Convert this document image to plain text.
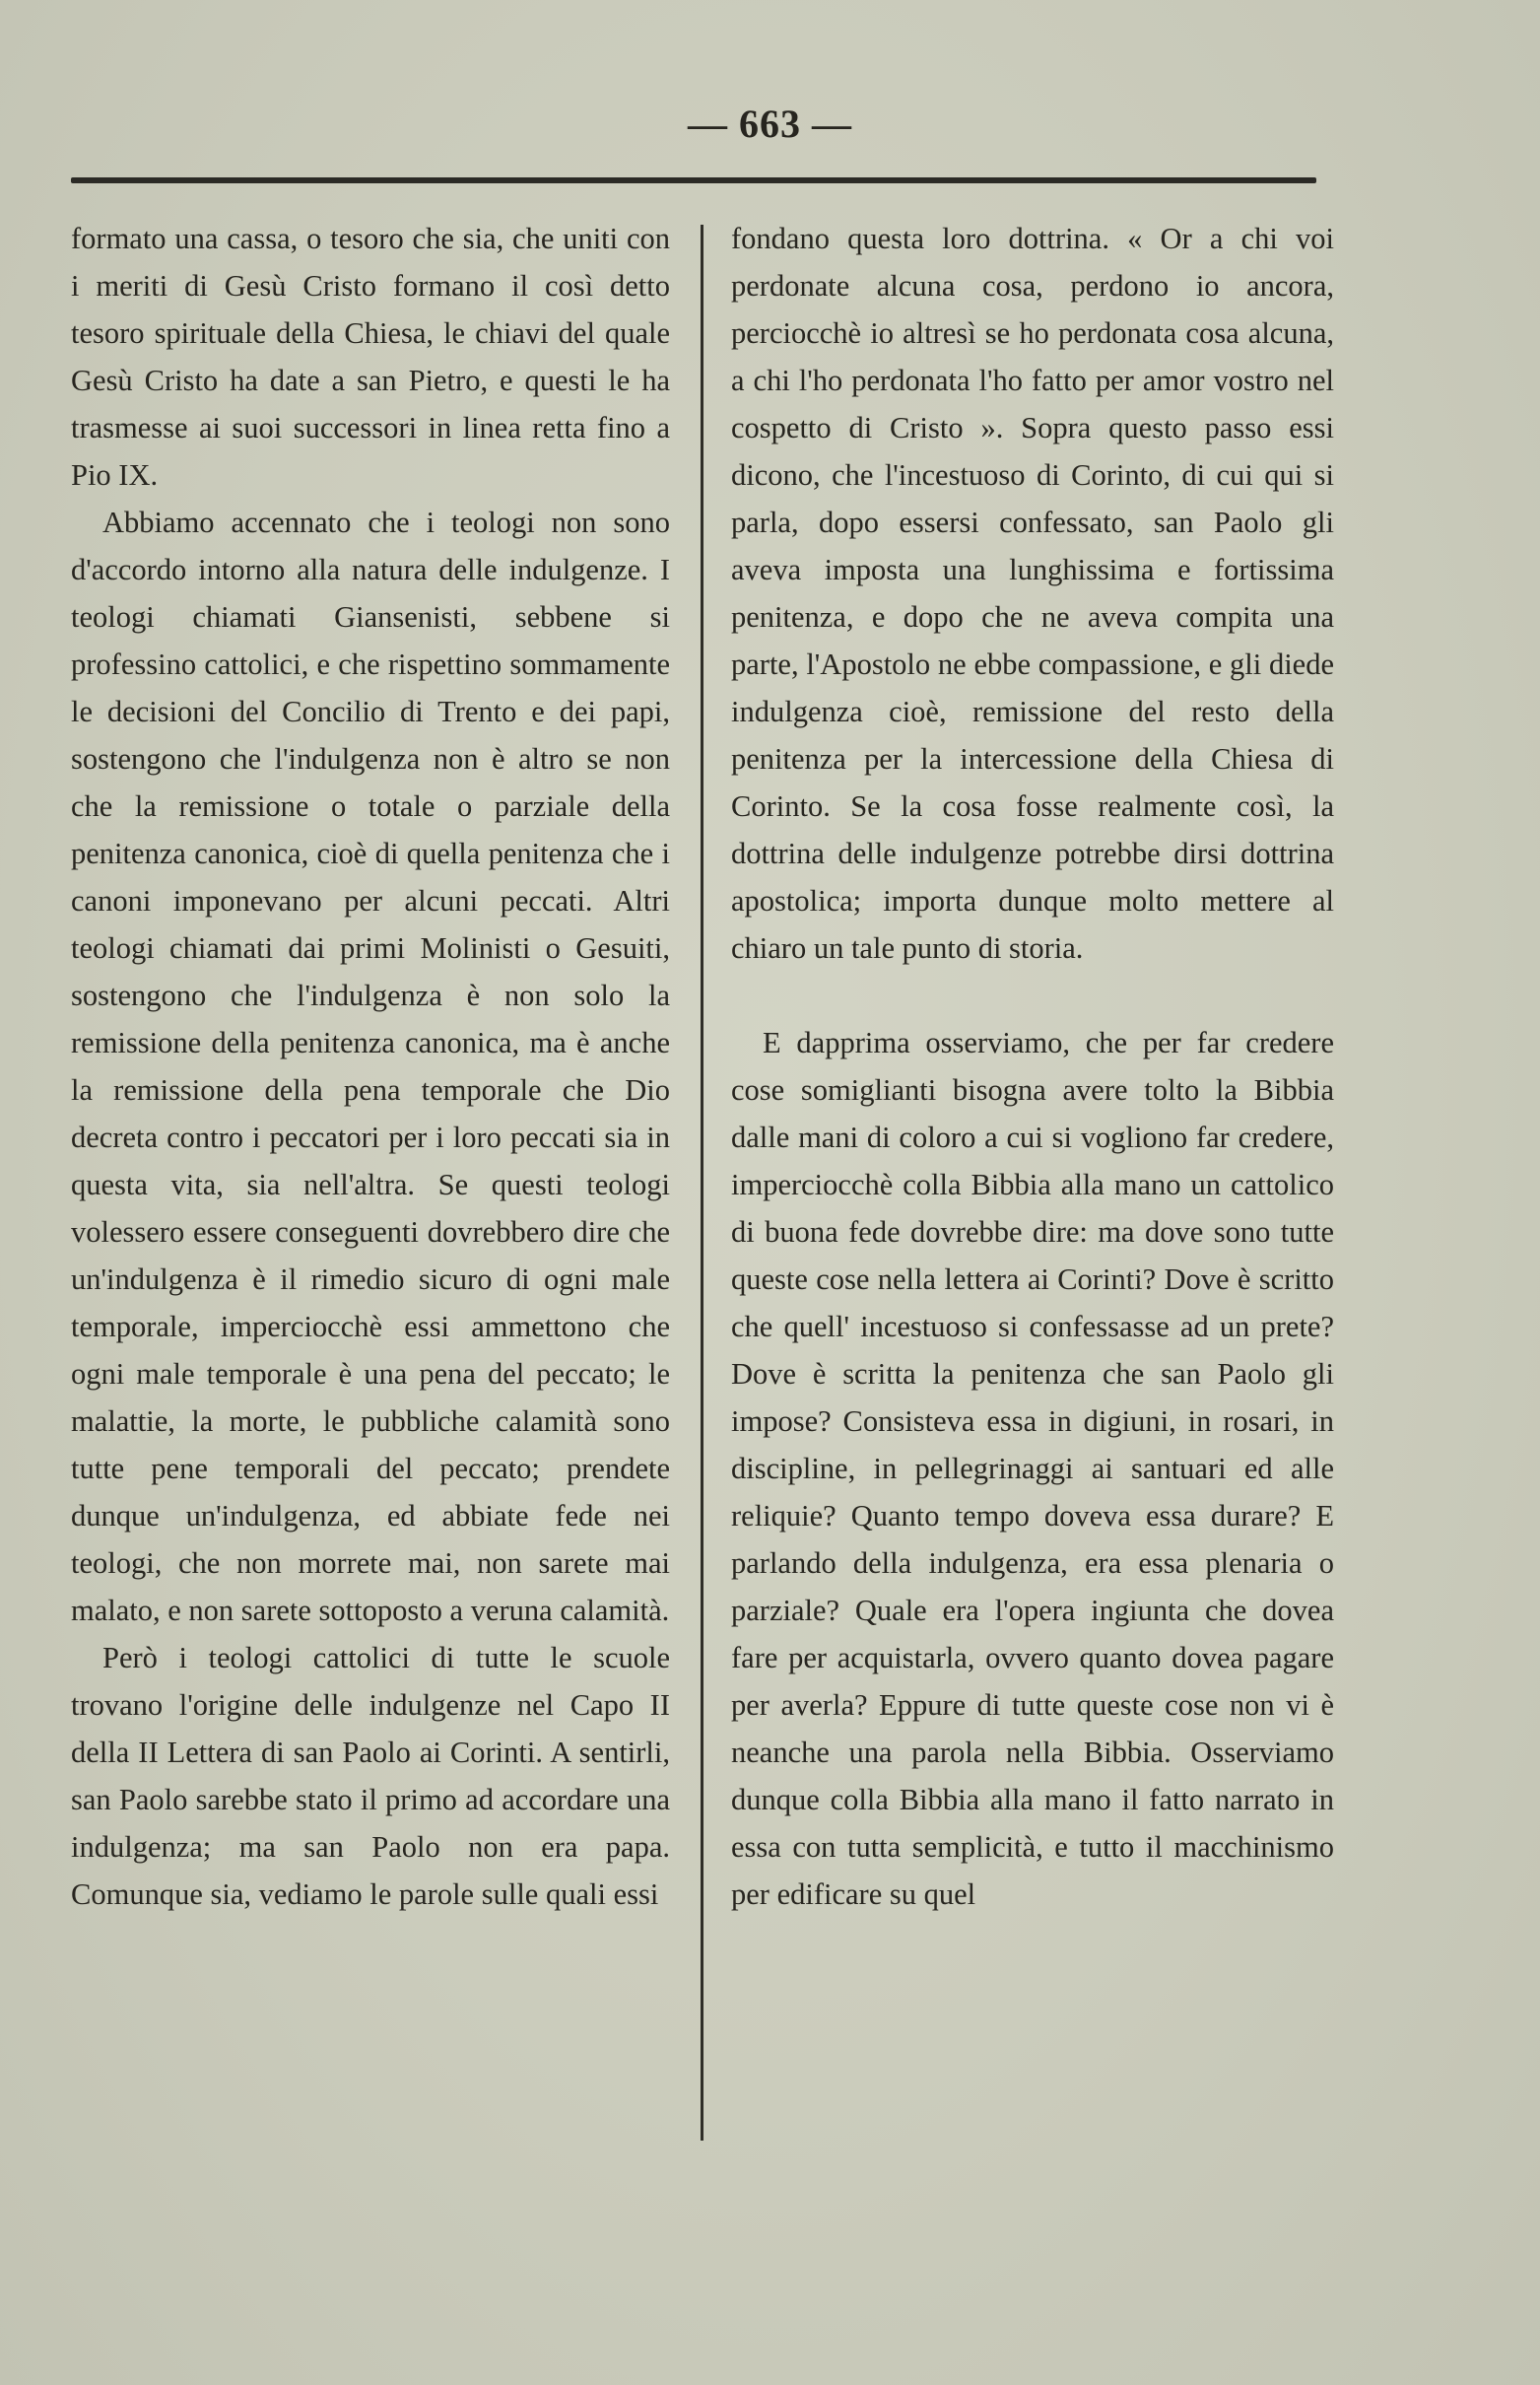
— 663 —

formato una cassa, o tesoro che sia, che uniti con i meriti di Gesù Cristo formano il così detto tesoro spirituale della Chiesa, le chiavi del quale Gesù Cristo ha date a san Pietro, e questi le ha trasmesse ai suoi successori in linea retta fino a Pio IX.

Abbiamo accennato che i teologi non sono d'accordo intorno alla natura delle indulgenze. I teologi chiamati Giansenisti, sebbene si professino cattolici, e che rispettino sommamente le decisioni del Concilio di Trento e dei papi, sostengono che l'indulgenza non è altro se non che la remissione o totale o parziale della penitenza canonica, cioè di quella penitenza che i canoni imponevano per alcuni peccati. Altri teologi chiamati dai primi Molinisti o Gesuiti, sostengono che l'indulgenza è non solo la remissione della penitenza canonica, ma è anche la remissione della pena temporale che Dio decreta contro i peccatori per i loro peccati sia in questa vita, sia nell'altra. Se questi teologi volessero essere conseguenti dovrebbero dire che un'indulgenza è il rimedio sicuro di ogni male temporale, imperciocchè essi ammettono che ogni male temporale è una pena del peccato; le malattie, la morte, le pubbliche calamità sono tutte pene temporali del peccato; prendete dunque un'indulgenza, ed abbiate fede nei teologi, che non morrete mai, non sarete mai malato, e non sarete sottoposto a veruna calamità.

Però i teologi cattolici di tutte le scuole trovano l'origine delle indulgenze nel Capo II della II Lettera di san Paolo ai Corinti. A sentirli, san Paolo sarebbe stato il primo ad accordare una indulgenza; ma san Paolo non era papa. Comunque sia, vediamo le parole sulle quali essi

fondano questa loro dottrina. « Or a chi voi perdonate alcuna cosa, perdono io ancora, perciocchè io altresì se ho perdonata cosa alcuna, a chi l'ho perdonata l'ho fatto per amor vostro nel cospetto di Cristo ». Sopra questo passo essi dicono, che l'incestuoso di Corinto, di cui qui si parla, dopo essersi confessato, san Paolo gli aveva imposta una lunghissima e fortissima penitenza, e dopo che ne aveva compita una parte, l'Apostolo ne ebbe compassione, e gli diede indulgenza cioè, remissione del resto della penitenza per la intercessione della Chiesa di Corinto. Se la cosa fosse realmente così, la dottrina delle indulgenze potrebbe dirsi dottrina apostolica; importa dunque molto mettere al chiaro un tale punto di storia.

E dapprima osserviamo, che per far credere cose somiglianti bisogna avere tolto la Bibbia dalle mani di coloro a cui si vogliono far credere, imperciocchè colla Bibbia alla mano un cattolico di buona fede dovrebbe dire: ma dove sono tutte queste cose nella lettera ai Corinti? Dove è scritto che quell' incestuoso si confessasse ad un prete? Dove è scritta la penitenza che san Paolo gli impose? Consisteva essa in digiuni, in rosari, in discipline, in pellegrinaggi ai santuari ed alle reliquie? Quanto tempo doveva essa durare? E parlando della indulgenza, era essa plenaria o parziale? Quale era l'opera ingiunta che dovea fare per acquistarla, ovvero quanto dovea pagare per averla? Eppure di tutte queste cose non vi è neanche una parola nella Bibbia. Osserviamo dunque colla Bibbia alla mano il fatto narrato in essa con tutta semplicità, e tutto il macchinismo per edificare su quel
